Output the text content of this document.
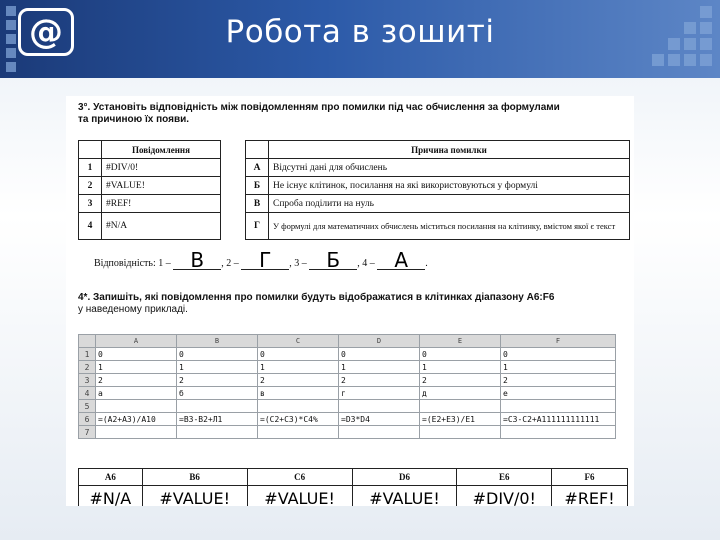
@	Робота в зошиті
3°. Установіть відповідність між повідомленням про помилки під час обчислення за формулами
та причиною їх появи.
	Повідомлення			Причина помилки
1	#DIV/0!		А	Відсутні дані для обчислень
2	#VALUE!		Б	Не існує клітинок, посилання на які використовуються у формулі
3	#REF!		В	Спроба поділити на нуль
4	#N/A		Г	У формулі для математичних обчислень міститься посилання на клітинку, вмістом якої є текст
Відповідність: 1 – В	, 2 –	Г	, 3 – Б	, 4 – А	.
4*. Запишіть, які повідомлення про помилки будуть відображатися в клітинках діапазону A6:F6
у наведеному прикладі.
	A	B	C	D	E	F
1	0	0	0	0	0	0
2	1	1	1	1	1	1
3	2	2	2	2	2	2
4	а	б	в	г	д	е
5						
6	=(A2+A3)/A10	=B3-B2+Л1	=(C2+C3)*C4%	=D3*D4	=(E2+E3)/E1	=C3-C2+A111111111111
7						
A6	B6	C6	D6	E6	F6
#N/A	#VALUE!	#VALUE!	#VALUE!	#DIV/0!	#REF!
